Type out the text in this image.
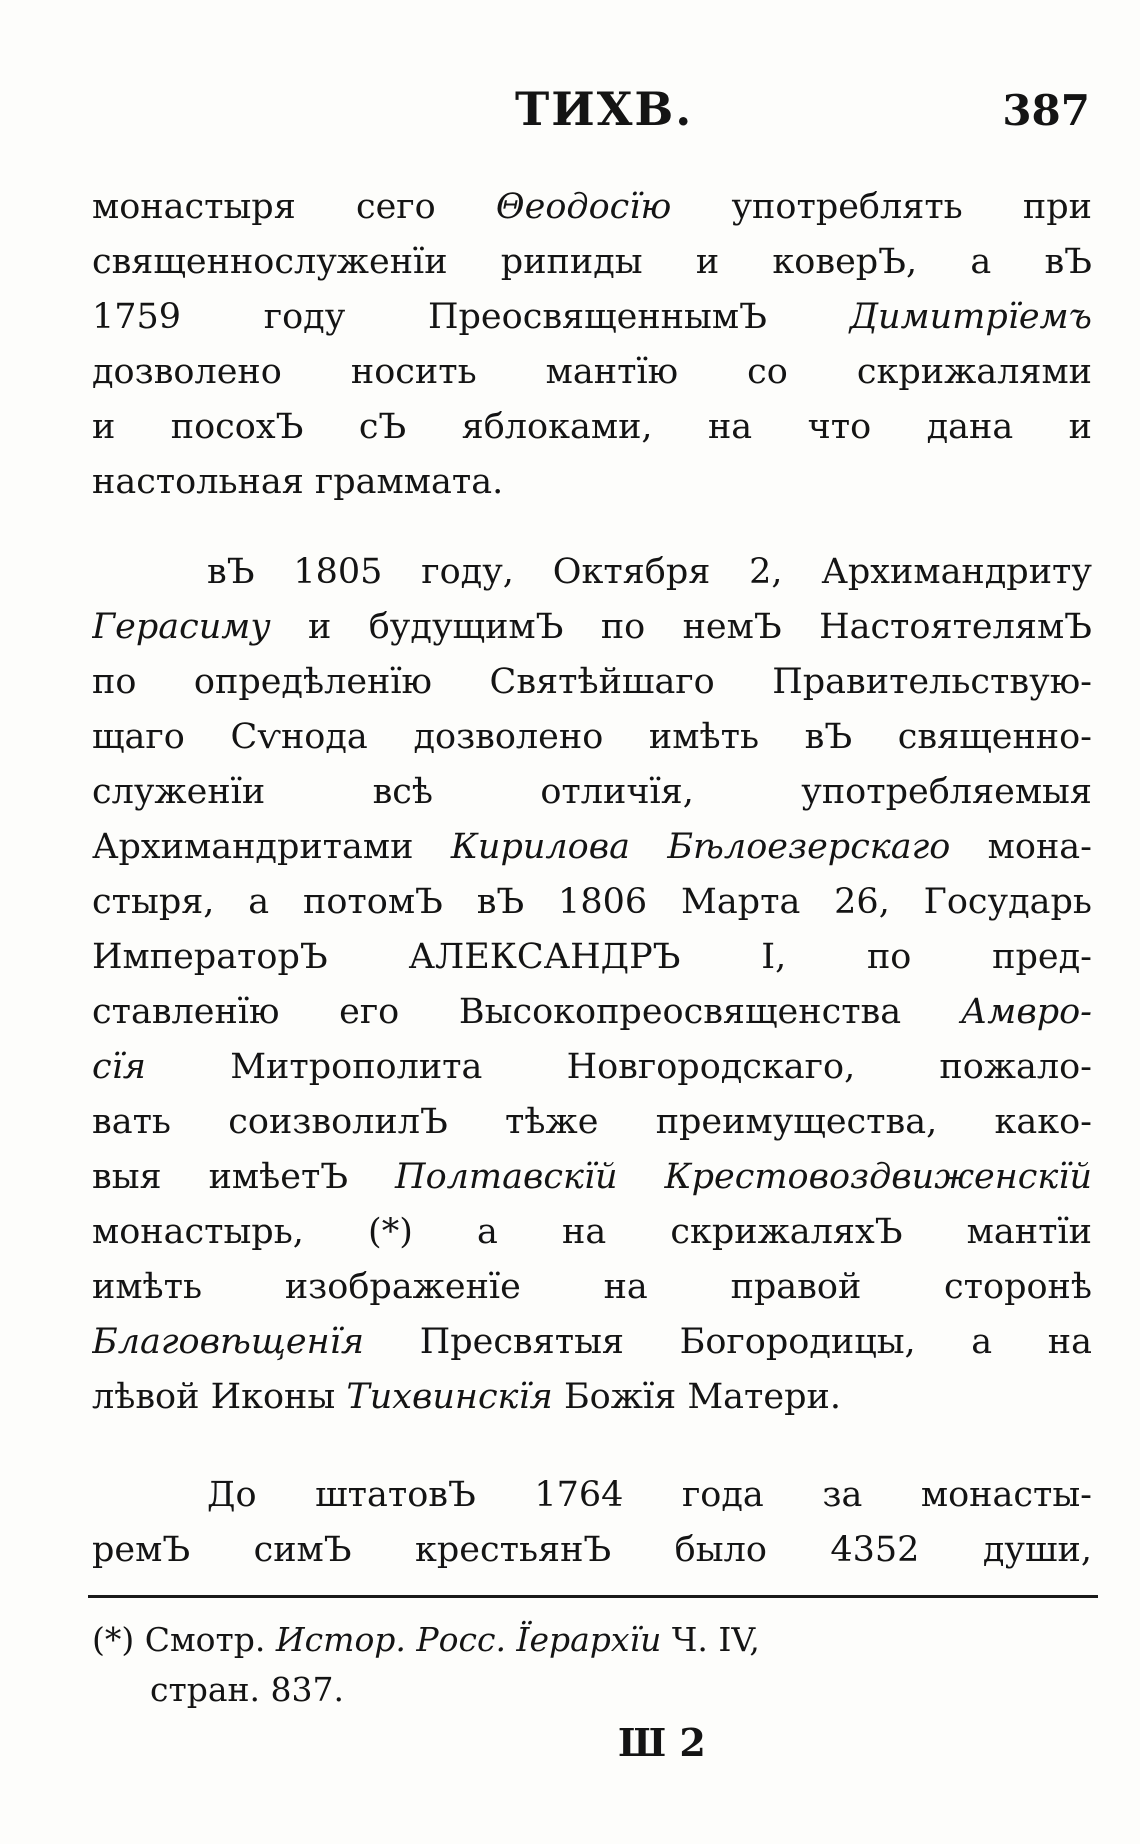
ТИХВ.	387
монастыря сего Θеодосїю употреблять при
священнослуженїи рипиды и коверЪ, а вЪ
1759 году ПреосвященнымЪ Димитрїемъ
дозволено носить мантїю со скрижалями
и посохЪ сЪ яблоками, на что дана и
настольная граммата.
вЪ 1805 году, Октября 2, Архимандриту
Герасиму и будущимЪ по немЪ НастоятелямЪ
по опредѣленїю Святѣйшаго Правительствую-
щаго Сѵнода дозволено имѣть вЪ священно-
служенїи всѣ отличїя, употребляемыя
Архимандритами Кирилова Бѣлоезерскаго мона-
стыря, а потомЪ вЪ 1806 Марта 26, Государь
ИмператорЪ АЛЕКСАНДРЪ I, по пред-
ставленїю его Высокопреосвященства Амвро-
сїя Митрополита Новгородскаго, пожало-
вать соизволилЪ тѣже преимущества, како-
выя имѣетЪ Полтавскїй Крестовоздвиженскїй
монастырь, (*) а на скрижаляхЪ мантїи
имѣть изображенїе на правой сторонѣ
Благовѣщенїя Пресвятыя Богородицы, а на
лѣвой Иконы Тихвинскїя Божїя Матери.
До штатовЪ 1764 года за монасты-
ремЪ симЪ крестьянЪ было 4352 души,
(*) Смотр. Истор. Росс. Їерархїи Ч. IV,
стран. 837.
Ш 2
